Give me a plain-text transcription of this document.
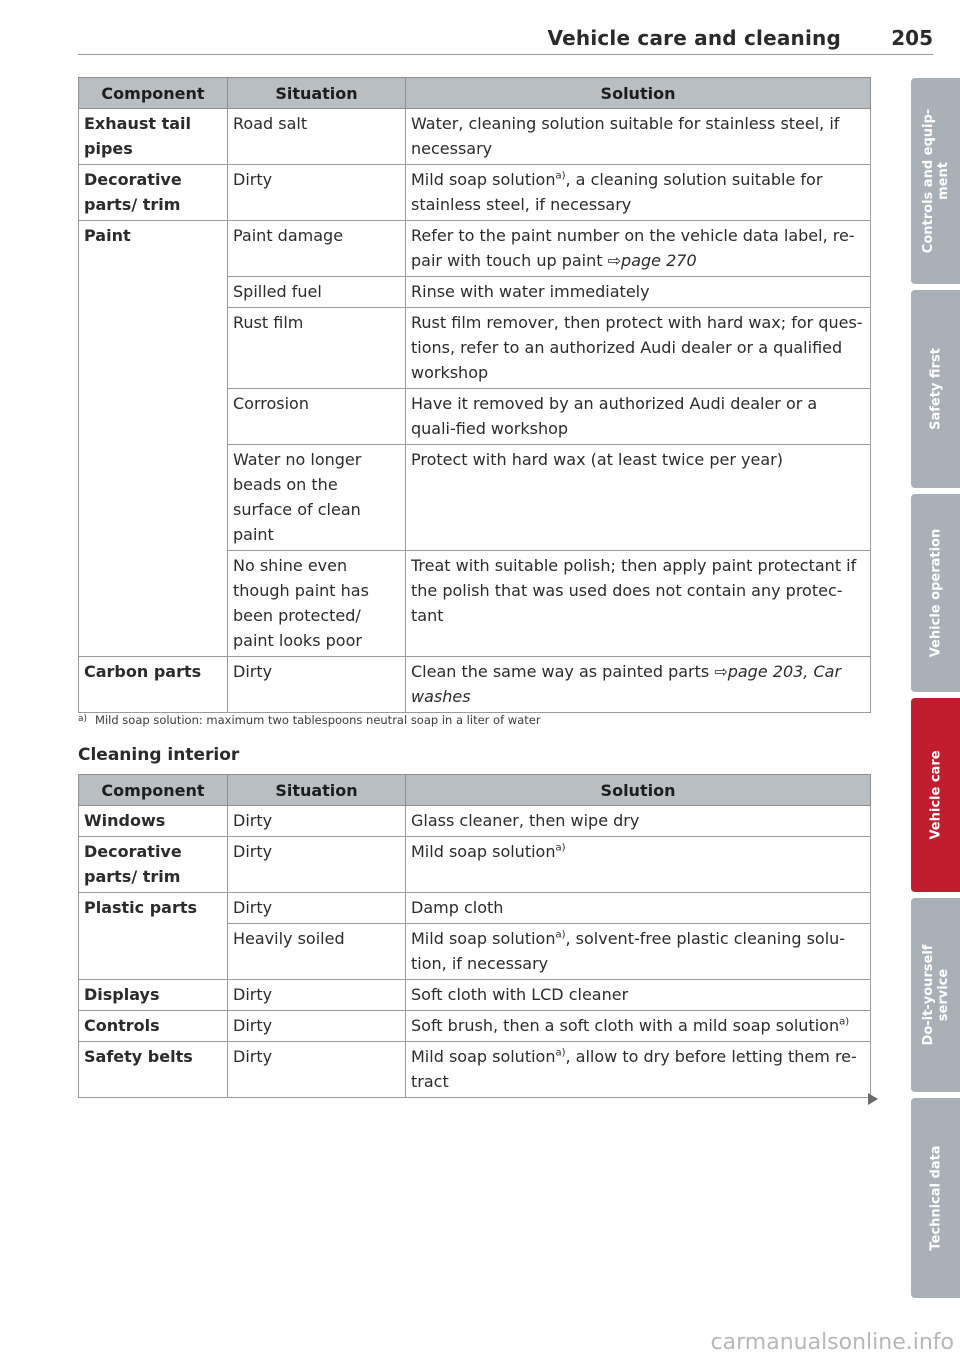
Vehicle care and cleaning	205
Component	Situation	Solution
Exhaust tail pipes	Road salt	Water, cleaning solution suitable for stainless steel, if necessary
Decorative parts/ trim	Dirty	Mild soap solution$^{a)}$, a cleaning solution suitable for stainless steel, if necessary
Paint	Paint damage	Refer to the paint number on the vehicle data label, re-pair with touch up paint ⇨page 270
	Spilled fuel	Rinse with water immediately
	Rust film	Rust film remover, then protect with hard wax; for ques-tions, refer to an authorized Audi dealer or a qualified workshop
	Corrosion	Have it removed by an authorized Audi dealer or a quali-fied workshop
	Water no longer beads on the surface of clean paint	Protect with hard wax (at least twice per year)
	No shine even though paint has been protected/ paint looks poor	Treat with suitable polish; then apply paint protectant if the polish that was used does not contain any protec-tant
Carbon parts	Dirty	Clean the same way as painted parts ⇨page 203, Car washes
$^{a)}$ Mild soap solution: maximum two tablespoons neutral soap in a liter of water
Cleaning interior
Component	Situation	Solution
Windows	Dirty	Glass cleaner, then wipe dry
Decorative parts/ trim	Dirty	Mild soap solution$^{a)}$
Plastic parts	Dirty	Damp cloth
	Heavily soiled	Mild soap solution$^{a)}$, solvent-free plastic cleaning solu-tion, if necessary
Displays	Dirty	Soft cloth with LCD cleaner
Controls	Dirty	Soft brush, then a soft cloth with a mild soap solution$^{a)}$
Safety belts	Dirty	Mild soap solution$^{a)}$, allow to dry before letting them re-tract
Controls and equip-
ment
Safety first
Vehicle operation
Vehicle care
Do-it-yourself
service
Technical data
carmanualsonline.info
